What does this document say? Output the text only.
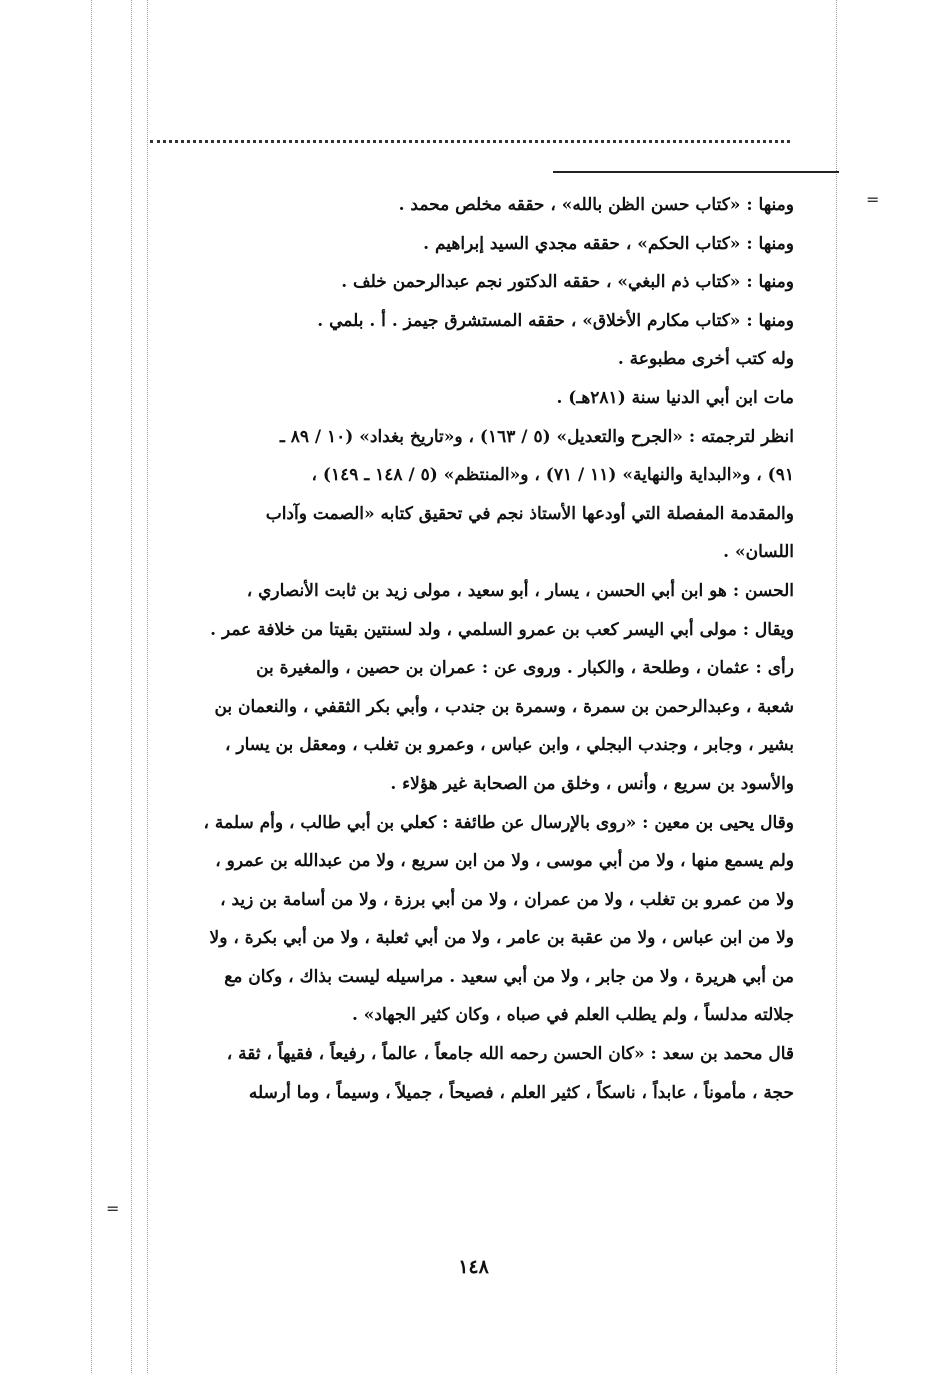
=
=
ومنها : «كتاب حسن الظن بالله» ، حققه مخلص محمد .
ومنها : «كتاب الحكم» ، حققه مجدي السيد إبراهيم .
ومنها : «كتاب ذم البغي» ، حققه الدكتور نجم عبدالرحمن خلف .
ومنها : «كتاب مكارم الأخلاق» ، حققه المستشرق جيمز . أ . بلمي .
وله كتب أخرى مطبوعة .
مات ابن أبي الدنيا سنة (٢٨١هـ) .
انظر لترجمته : «الجرح والتعديل» (٥ / ١٦٣) ، و«تاريخ بغداد» (١٠ / ٨٩ ـ
٩١) ، و«البداية والنهاية» (١١ / ٧١) ، و«المنتظم» (٥ / ١٤٨ ـ ١٤٩) ،
والمقدمة المفصلة التي أودعها الأستاذ نجم في تحقيق كتابه «الصمت وآداب
اللسان» .
الحسن : هو ابن أبي الحسن ، يسار ، أبو سعيد ، مولى زيد بن ثابت الأنصاري ،
ويقال : مولى أبي اليسر كعب بن عمرو السلمي ، ولد لسنتين بقيتا من خلافة عمر .
رأى : عثمان ، وطلحة ، والكبار . وروى عن : عمران بن حصين ، والمغيرة بن
شعبة ، وعبدالرحمن بن سمرة ، وسمرة بن جندب ، وأبي بكر الثقفي ، والنعمان بن
بشير ، وجابر ، وجندب البجلي ، وابن عباس ، وعمرو بن تغلب ، ومعقل بن يسار ،
والأسود بن سريع ، وأنس ، وخلق من الصحابة غير هؤلاء .
وقال يحيى بن معين : «روى بالإرسال عن طائفة : كعلي بن أبي طالب ، وأم سلمة ،
ولم يسمع منها ، ولا من أبي موسى ، ولا من ابن سريع ، ولا من عبدالله بن عمرو ،
ولا من عمرو بن تغلب ، ولا من عمران ، ولا من أبي برزة ، ولا من أسامة بن زيد ،
ولا من ابن عباس ، ولا من عقبة بن عامر ، ولا من أبي ثعلبة ، ولا من أبي بكرة ، ولا
من أبي هريرة ، ولا من جابر ، ولا من أبي سعيد . مراسيله ليست بذاك ، وكان مع
جلالته مدلساً ، ولم يطلب العلم في صباه ، وكان كثير الجهاد» .
قال محمد بن سعد : «كان الحسن رحمه الله جامعاً ، عالماً ، رفيعاً ، فقيهاً ، ثقة ،
حجة ، مأموناً ، عابداً ، ناسكاً ، كثير العلم ، فصيحاً ، جميلاً ، وسيماً ، وما أرسله
١٤٨
